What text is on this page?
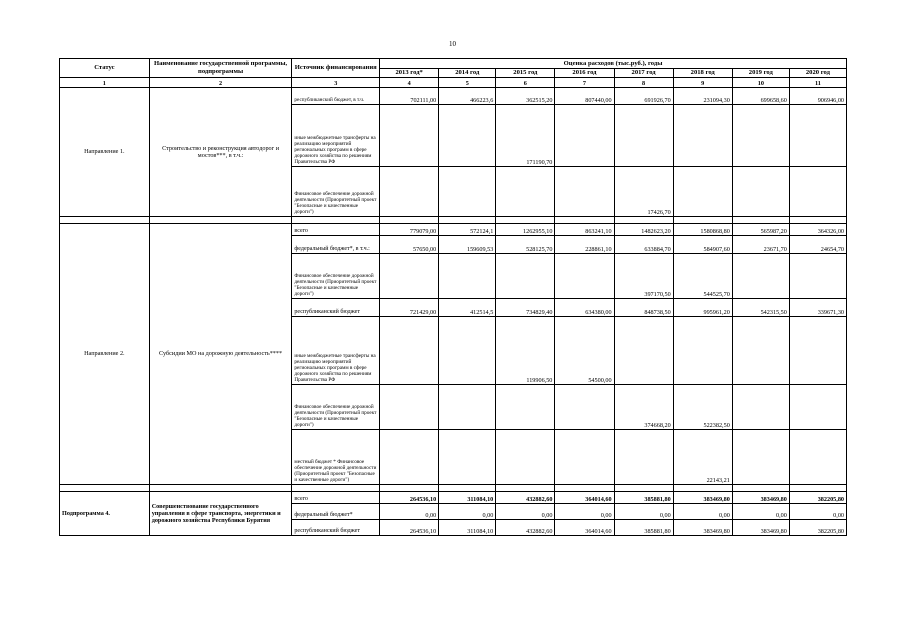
10
Статус	Наименование государственной программы, подпрограммы	Источник финансирования	Оценка расходов (тыс.руб.), годы							
			2013 год*	2014 год	2015 год	2016 год	2017 год	2018 год	2019 год	2020 год
1	2	3	4	5	6	7	8	9	10	11
Направление 1.	Строительство и реконструкция автодорог и мостов***, в т.ч.:	республиканский бюджет, в т.ч.	702111,00	466223,6	362515,20	807440,00	691926,70	231094,30	699658,60	906946,00
		иные межбюджетные трансферты на реализацию мероприятий региональных программ в сфере дорожного хозяйства по решениям Правительства РФ			171190,70					
		Финансовое обеспечение дорожной деятельности (Приоритетный проект "Безопасные и качественные дороги")					17426,70			

Направление 2.	Субсидии МО на дорожную деятельность****	всего	779079,00	572124,1	1262955,10	863241,10	1482623,20	1580868,80	565987,20	364326,00
		федеральный бюджет*, в т.ч.:	57650,00	159609,53	528125,70	228861,10	633884,70	584907,60	23671,70	24654,70
		Финансовое обеспечение дорожной деятельности (Приоритетный проект "Безопасные и качественные дороги")					397170,50	544525,70		
		республиканский бюджет	721429,00	412514,5	734829,40	634380,00	848738,50	995961,20	542315,50	339671,30
		иные межбюджетные трансферты на реализацию мероприятий региональных программ в сфере дорожного хозяйства по решениям Правительства РФ			119906,50	54500,00				
		Финансовое обеспечение дорожной деятельности (Приоритетный проект "Безопасные и качественные дороги")					374668,20	522382,50		
		местный бюджет * Финансовое обеспечение дорожной деятельности (Приоритетный проект "Безопасные и качественные дороги")						22143,21		

Подпрограмма 4.	Совершенствование государственного управления в сфере транспорта, энергетики и дорожного хозяйства Республики Бурятия	всего	264536,10	311084,10	432882,60	364014,60	385881,80	383469,80	383469,80	382205,80
		федеральный бюджет*	0,00	0,00	0,00	0,00	0,00	0,00	0,00	0,00
		республиканский бюджет	264536,10	311084,10	432882,60	364014,60	385881,80	383469,80	383469,80	382205,80
